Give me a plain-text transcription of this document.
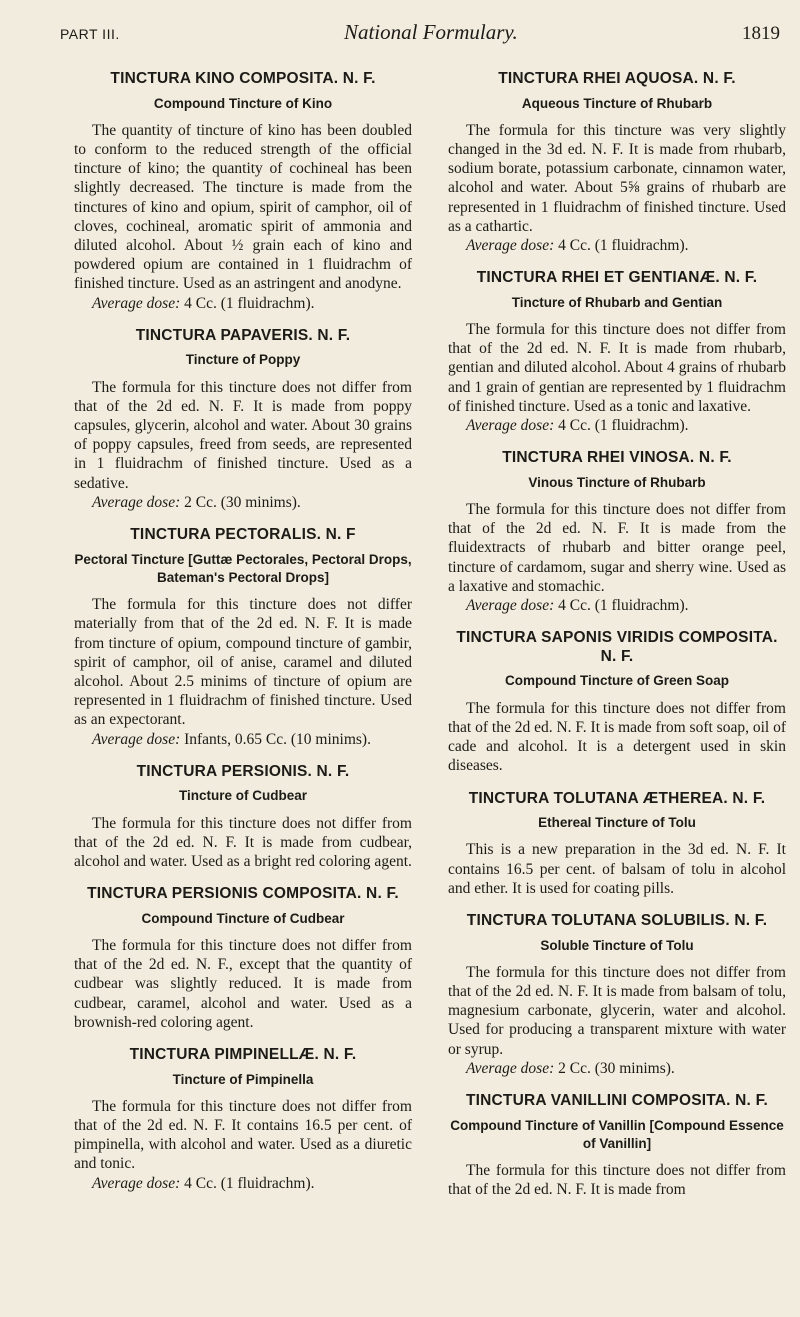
PART III.	National Formulary.	1819
TINCTURA KINO COMPOSITA. N. F.
Compound Tincture of Kino

The quantity of tincture of kino has been doubled to conform to the reduced strength of the official tincture of kino; the quantity of cochineal has been slightly decreased. The tincture is made from the tinctures of kino and opium, spirit of camphor, oil of cloves, cochineal, aromatic spirit of ammonia and diluted alcohol. About ½ grain each of kino and powdered opium are contained in 1 fluidrachm of finished tincture. Used as an astringent and anodyne.

Average dose: 4 Cc. (1 fluidrachm).
TINCTURA PAPAVERIS. N. F.
Tincture of Poppy

The formula for this tincture does not differ from that of the 2d ed. N. F. It is made from poppy capsules, glycerin, alcohol and water. About 30 grains of poppy capsules, freed from seeds, are represented in 1 fluidrachm of finished tincture. Used as a sedative.

Average dose: 2 Cc. (30 minims).
TINCTURA PECTORALIS. N. F
Pectoral Tincture [Guttæ Pectorales, Pectoral Drops, Bateman's Pectoral Drops]

The formula for this tincture does not differ materially from that of the 2d ed. N. F. It is made from tincture of opium, compound tincture of gambir, spirit of camphor, oil of anise, caramel and diluted alcohol. About 2.5 minims of tincture of opium are represented in 1 fluidrachm of finished tincture. Used as an expectorant.

Average dose: Infants, 0.65 Cc. (10 minims).
TINCTURA PERSIONIS. N. F.
Tincture of Cudbear

The formula for this tincture does not differ from that of the 2d ed. N. F. It is made from cudbear, alcohol and water. Used as a bright red coloring agent.

TINCTURA PERSIONIS COMPOSITA. N. F.
Compound Tincture of Cudbear

The formula for this tincture does not differ from that of the 2d ed. N. F., except that the quantity of cudbear was slightly reduced. It is made from cudbear, caramel, alcohol and water. Used as a brownish-red coloring agent.

TINCTURA PIMPINELLÆ. N. F.
Tincture of Pimpinella

The formula for this tincture does not differ from that of the 2d ed. N. F. It contains 16.5 per cent. of pimpinella, with alcohol and water. Used as a diuretic and tonic.

Average dose: 4 Cc. (1 fluidrachm).
TINCTURA RHEI AQUOSA. N. F.
Aqueous Tincture of Rhubarb

The formula for this tincture was very slightly changed in the 3d ed. N. F. It is made from rhubarb, sodium borate, potassium carbonate, cinnamon water, alcohol and water. About 5⅝ grains of rhubarb are represented in 1 fluidrachm of finished tincture. Used as a cathartic.

Average dose: 4 Cc. (1 fluidrachm).
TINCTURA RHEI ET GENTIANÆ. N. F.
Tincture of Rhubarb and Gentian

The formula for this tincture does not differ from that of the 2d ed. N. F. It is made from rhubarb, gentian and diluted alcohol. About 4 grains of rhubarb and 1 grain of gentian are represented by 1 fluidrachm of finished tincture. Used as a tonic and laxative.

Average dose: 4 Cc. (1 fluidrachm).
TINCTURA RHEI VINOSA. N. F.
Vinous Tincture of Rhubarb

The formula for this tincture does not differ from that of the 2d ed. N. F. It is made from the fluidextracts of rhubarb and bitter orange peel, tincture of cardamom, sugar and sherry wine. Used as a laxative and stomachic.

Average dose: 4 Cc. (1 fluidrachm).
TINCTURA SAPONIS VIRIDIS COMPOSITA. N. F.
Compound Tincture of Green Soap

The formula for this tincture does not differ from that of the 2d ed. N. F. It is made from soft soap, oil of cade and alcohol. It is a detergent used in skin diseases.

TINCTURA TOLUTANA ÆTHEREA. N. F.
Ethereal Tincture of Tolu

This is a new preparation in the 3d ed. N. F. It contains 16.5 per cent. of balsam of tolu in alcohol and ether. It is used for coating pills.

TINCTURA TOLUTANA SOLUBILIS. N. F.
Soluble Tincture of Tolu

The formula for this tincture does not differ from that of the 2d ed. N. F. It is made from balsam of tolu, magnesium carbonate, glycerin, water and alcohol. Used for producing a transparent mixture with water or syrup.

Average dose: 2 Cc. (30 minims).
TINCTURA VANILLINI COMPOSITA. N. F.
Compound Tincture of Vanillin [Compound Essence of Vanillin]

The formula for this tincture does not differ from that of the 2d ed. N. F. It is made from
